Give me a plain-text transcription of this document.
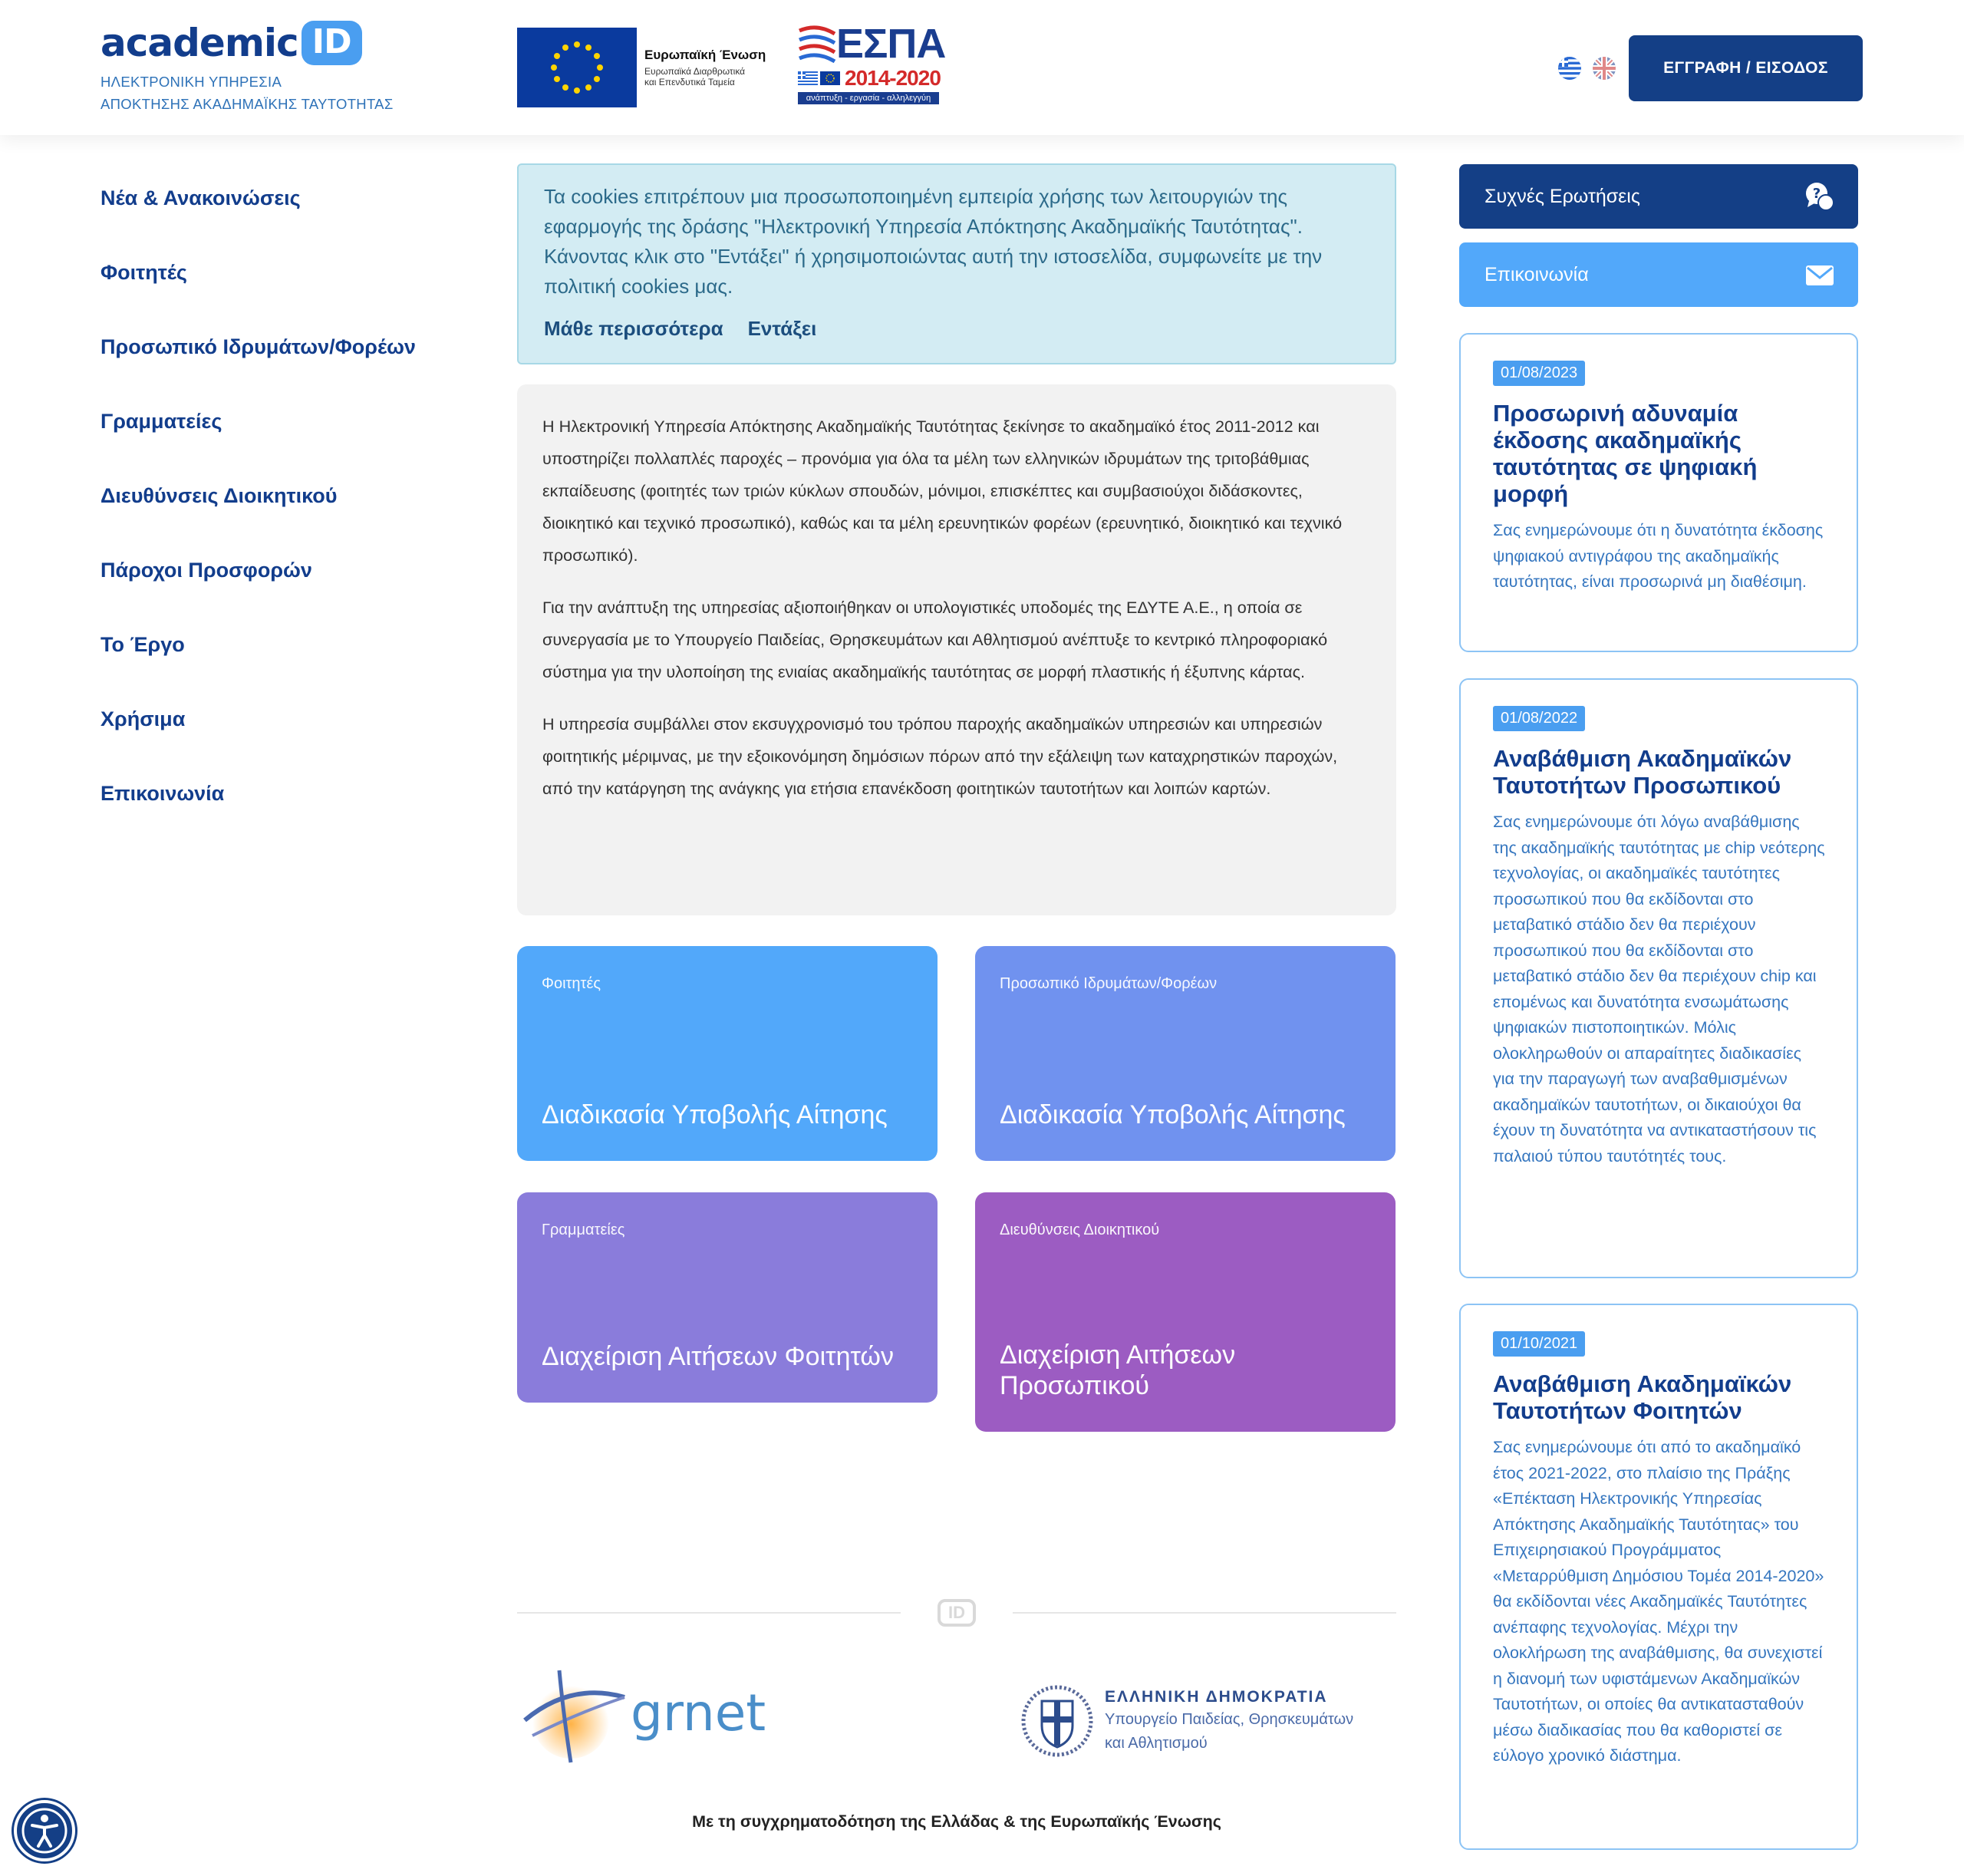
academic ID
ΗΛΕΚΤΡΟΝΙΚΗ ΥΠΗΡΕΣΙΑ
ΑΠΟΚΤΗΣΗΣ ΑΚΑΔΗΜΑΪΚΗΣ ΤΑΥΤΟΤΗΤΑΣ
Ευρωπαϊκή Ένωση
Ευρωπαϊκά Διαρθρωτικά
και Επενδυτικά Ταμεία
ΕΣΠΑ
2014-2020
ανάπτυξη - εργασία - αλληλεγγύη
ΕΓΓΡΑΦΗ / ΕΙΣΟΔΟΣ
Νέα & Ανακοινώσεις
Φοιτητές
Προσωπικό Ιδρυμάτων/Φορέων
Γραμματείες
Διευθύνσεις Διοικητικού
Πάροχοι Προσφορών
Το Έργο
Χρήσιμα
Επικοινωνία
Τα cookies επιτρέπουν μια προσωποποιημένη εμπειρία χρήσης των λειτουργιών της εφαρμογής της δράσης "Ηλεκτρονική Υπηρεσία Απόκτησης Ακαδημαϊκής Ταυτότητας". Κάνοντας κλικ στο "Εντάξει" ή χρησιμοποιώντας αυτή την ιστοσελίδα, συμφωνείτε με την πολιτική cookies μας.
Μάθε περισσότερα Εντάξει

Η Ηλεκτρονική Υπηρεσία Απόκτησης Ακαδημαϊκής Ταυτότητας ξεκίνησε το ακαδημαϊκό έτος 2011-2012 και υποστηρίζει πολλαπλές παροχές – προνόμια για όλα τα μέλη των ελληνικών ιδρυμάτων της τριτοβάθμιας εκπαίδευσης (φοιτητές των τριών κύκλων σπουδών, μόνιμοι, επισκέπτες και συμβασιούχοι διδάσκοντες, διοικητικό και τεχνικό προσωπικό), καθώς και τα μέλη ερευνητικών φορέων (ερευνητικό, διοικητικό και τεχνικό προσωπικό).

Για την ανάπτυξη της υπηρεσίας αξιοποιήθηκαν οι υπολογιστικές υποδομές της ΕΔΥΤΕ Α.Ε., η οποία σε συνεργασία με το Υπουργείο Παιδείας, Θρησκευμάτων και Αθλητισμού ανέπτυξε το κεντρικό πληροφοριακό σύστημα για την υλοποίηση της ενιαίας ακαδημαϊκής ταυτότητας σε μορφή πλαστικής ή έξυπνης κάρτας.

Η υπηρεσία συμβάλλει στον εκσυγχρονισμό του τρόπου παροχής ακαδημαϊκών υπηρεσιών και υπηρεσιών φοιτητικής μέριμνας, με την εξοικονόμηση δημόσιων πόρων από την εξάλειψη των καταχρηστικών παροχών, από την κατάργηση της ανάγκης για ετήσια επανέκδοση φοιτητικών ταυτοτήτων και λοιπών καρτών.

Φοιτητές
Διαδικασία Υποβολής Αίτησης
Προσωπικό Ιδρυμάτων/Φορέων
Διαδικασία Υποβολής Αίτησης
Γραμματείες
Διαχείριση Αιτήσεων Φοιτητών
Διευθύνσεις Διοικητικού
Διαχείριση Αιτήσεων Προσωπικού
ID
grnet	ΕΛΛΗΝΙΚΗ ΔΗΜΟΚΡΑΤΙΑ
Υπουργείο Παιδείας, Θρησκευμάτων
και Αθλητισμού
Με τη συγχρηματοδότηση της Ελλάδας & της Ευρωπαϊκής Ένωσης
Συχνές Ερωτήσεις	?
Επικοινωνία
01/08/2023
Προσωρινή αδυναμία έκδοσης ακαδημαϊκής ταυτότητας σε ψηφιακή μορφή
Σας ενημερώνουμε ότι η δυνατότητα έκδοσης ψηφιακού αντιγράφου της ακαδημαϊκής ταυτότητας, είναι προσωρινά μη διαθέσιμη.
01/08/2022
Αναβάθμιση Ακαδημαϊκών Ταυτοτήτων Προσωπικού
Σας ενημερώνουμε ότι λόγω αναβάθμισης της ακαδημαϊκής ταυτότητας με chip νεότερης τεχνολογίας, οι ακαδημαϊκές ταυτότητες προσωπικού που θα εκδίδονται στο μεταβατικό στάδιο δεν θα περιέχουν προσωπικού που θα εκδίδονται στο μεταβατικό στάδιο δεν θα περιέχουν chip και επομένως και δυνατότητα ενσωμάτωσης ψηφιακών πιστοποιητικών. Μόλις ολοκληρωθούν οι απαραίτητες διαδικασίες για την παραγωγή των αναβαθμισμένων ακαδημαϊκών ταυτοτήτων, οι δικαιούχοι θα έχουν τη δυνατότητα να αντικαταστήσουν τις παλαιού τύπου ταυτότητές τους.
01/10/2021
Αναβάθμιση Ακαδημαϊκών Ταυτοτήτων Φοιτητών
Σας ενημερώνουμε ότι από το ακαδημαϊκό έτος 2021-2022, στο πλαίσιο της Πράξης «Επέκταση Ηλεκτρονικής Υπηρεσίας Απόκτησης Ακαδημαϊκής Ταυτότητας» του Επιχειρησιακού Προγράμματος «Μεταρρύθμιση Δημόσιου Τομέα 2014-2020» θα εκδίδονται νέες Ακαδημαϊκές Ταυτότητες ανέπαφης τεχνολογίας. Μέχρι την ολοκλήρωση της αναβάθμισης, θα συνεχιστεί η διανομή των υφιστάμενων Ακαδημαϊκών Ταυτοτήτων, οι οποίες θα αντικατασταθούν μέσω διαδικασίας που θα καθοριστεί σε εύλογο χρονικό διάστημα.
